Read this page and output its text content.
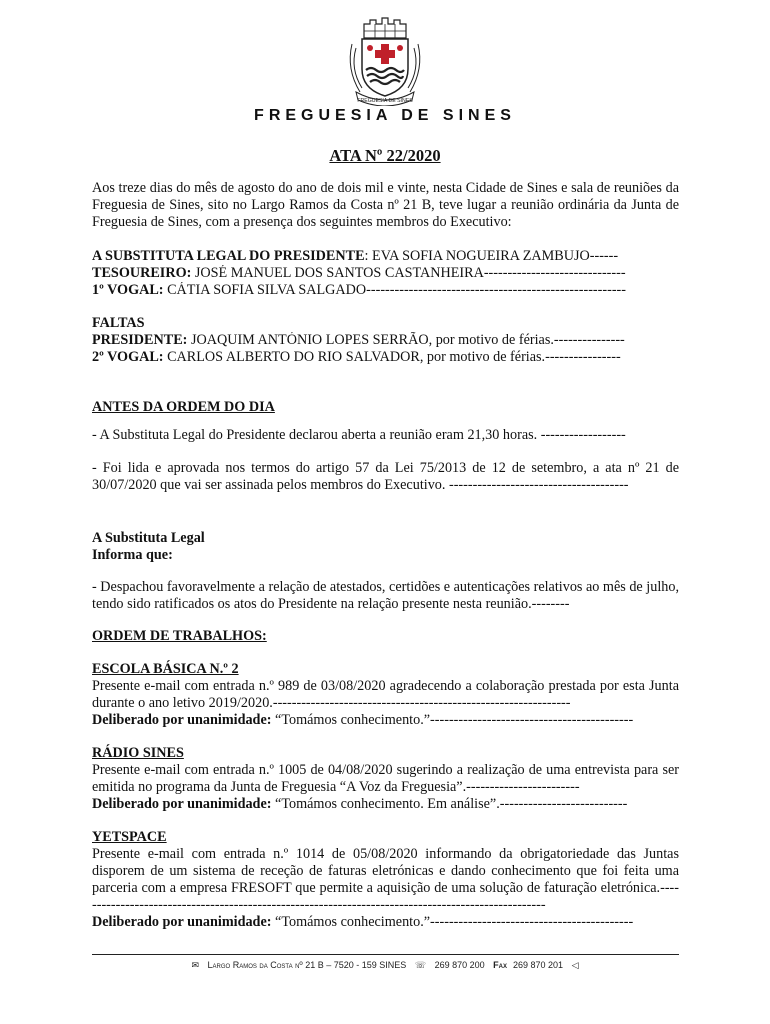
FREGUESIA DE SINES
FREGUESIA DE SINES
ATA Nº 22/2020

Aos treze dias do mês de agosto do ano de dois mil e vinte, nesta Cidade de Sines e sala de reuniões da Freguesia de Sines, sito no Largo Ramos da Costa nº 21 B, teve lugar a reunião ordinária da Junta de Freguesia de Sines, com a presença dos seguintes membros do Executivo:

A SUBSTITUTA LEGAL DO PRESIDENTE: EVA SOFIA NOGUEIRA ZAMBUJO------
TESOUREIRO: JOSÉ MANUEL DOS SANTOS CASTANHEIRA------------------------------
1º VOGAL: CÁTIA SOFIA SILVA SALGADO-------------------------------------------------------
FALTAS
PRESIDENTE: JOAQUIM ANTÓNIO LOPES SERRÃO, por motivo de férias.---------------
2º VOGAL: CARLOS ALBERTO DO RIO SALVADOR, por motivo de férias.----------------
ANTES DA ORDEM DO DIA

- A Substituta Legal do Presidente declarou aberta a reunião eram 21,30 horas. ------------------

- Foi lida e aprovada nos termos do artigo 57 da Lei 75/2013 de 12 de setembro, a ata nº 21 de 30/07/2020 que vai ser assinada pelos membros do Executivo. --------------------------------------

A Substituta Legal
Informa que:

- Despachou favoravelmente a relação de atestados, certidões e autenticações relativos ao mês de julho, tendo sido ratificados os atos do Presidente na relação presente nesta reunião.--------

ORDEM DE TRABALHOS:
ESCOLA BÁSICA N.º 2

Presente e-mail com entrada n.º 989 de 03/08/2020 agradecendo a colaboração prestada por esta Junta durante o ano letivo 2019/2020.---------------------------------------------------------------

Deliberado por unanimidade: “Tomámos conhecimento.”-------------------------------------------
RÁDIO SINES

Presente e-mail com entrada n.º 1005 de 04/08/2020 sugerindo a realização de uma entrevista para ser emitida no programa da Junta de Freguesia “A Voz da Freguesia”.------------------------

Deliberado por unanimidade: “Tomámos conhecimento. Em análise”.---------------------------
YETSPACE

Presente e-mail com entrada n.º 1014 de 05/08/2020 informando da obrigatoriedade das Juntas disporem de um sistema de receção de faturas eletrónicas e dando conhecimento que foi feita uma parceria com a empresa FRESOFT que permite a aquisição de uma solução de faturação eletrónica.----------------------------------------------------------------------------------------------------

Deliberado por unanimidade: “Tomámos conhecimento.”-------------------------------------------
✉ Largo Ramos da Costa nº 21 B – 7520 - 159 SINES ☏ 269 870 200 Fax 269 870 201 ◁
